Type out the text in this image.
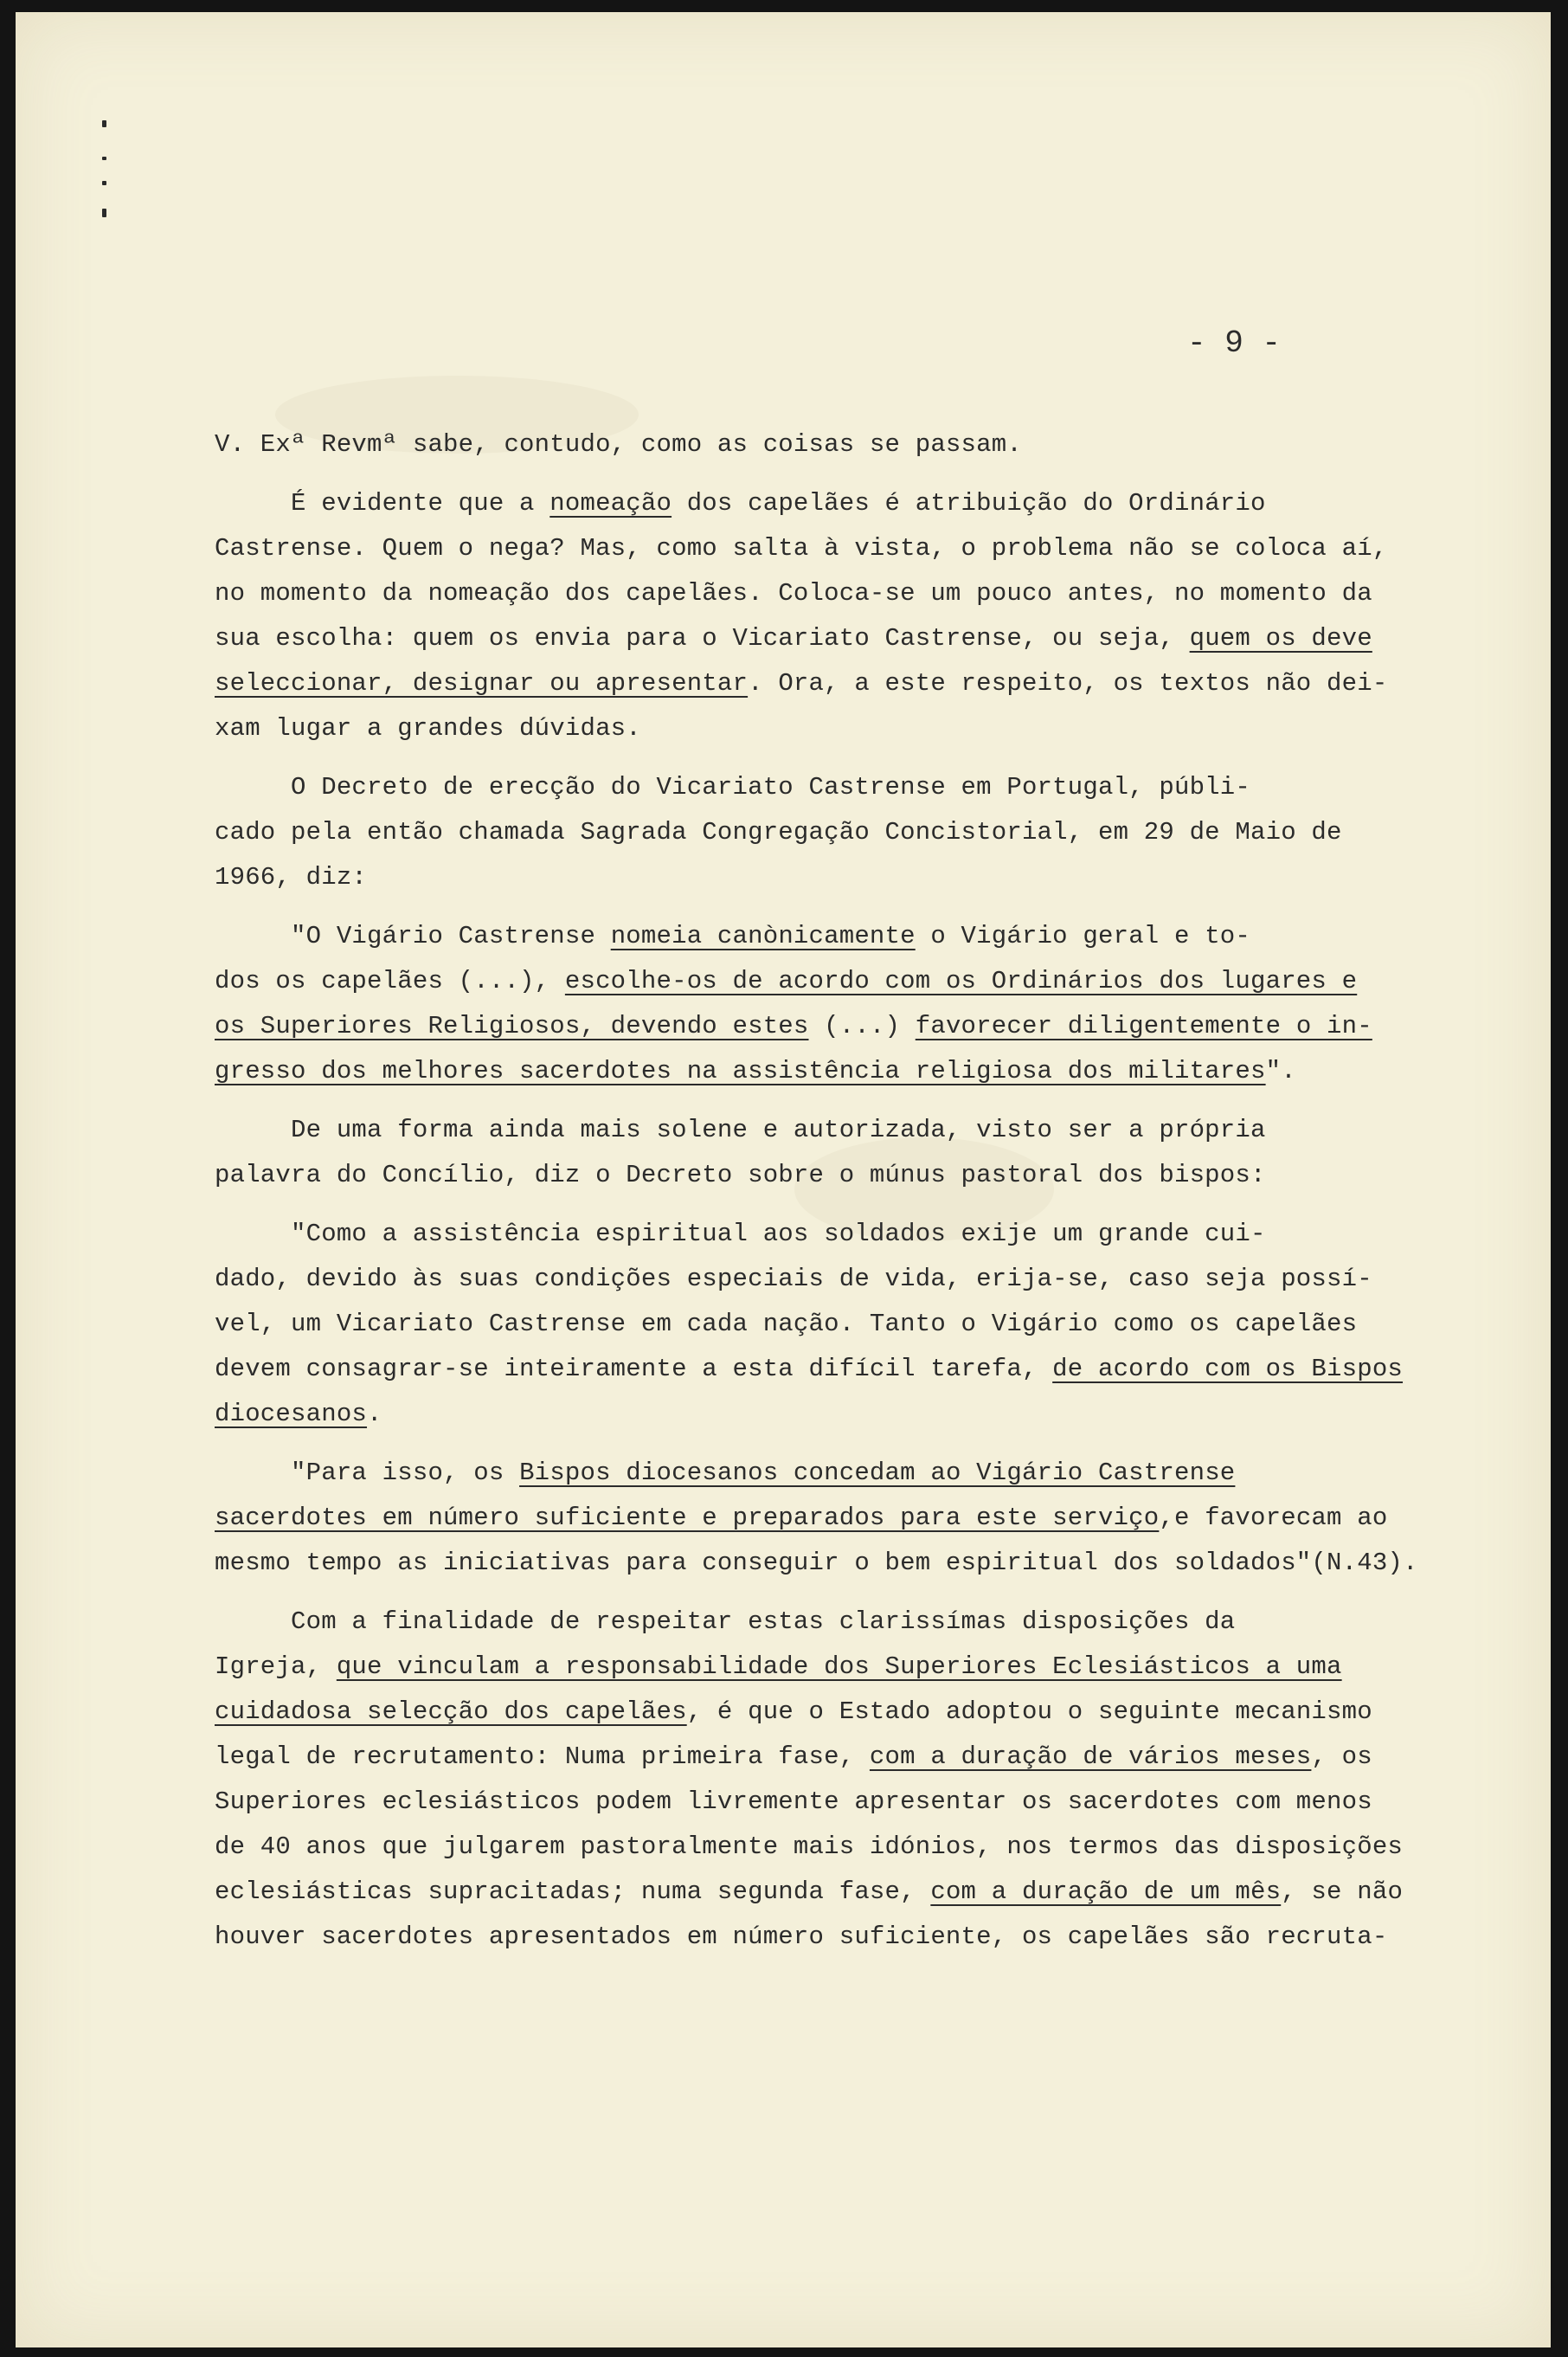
- 9 -
V. Exª Revmª sabe, contudo, como as coisas se passam.
É evidente que a nomeação dos capelães é atribuição do Ordinário
Castrense. Quem o nega? Mas, como salta à vista, o problema não se coloca aí,
no momento da nomeação dos capelães. Coloca-se um pouco antes, no momento da
sua escolha: quem os envia para o Vicariato Castrense, ou seja, quem os deve
seleccionar, designar ou apresentar. Ora, a este respeito, os textos não dei-
xam lugar a grandes dúvidas.
O Decreto de erecção do Vicariato Castrense em Portugal, públi-
cado pela então chamada Sagrada Congregação Concistorial, em 29 de Maio de
1966, diz:
"O Vigário Castrense nomeia canònicamente o Vigário geral e to-
dos os capelães (...), escolhe-os de acordo com os Ordinários dos lugares e
os Superiores Religiosos, devendo estes (...) favorecer diligentemente o in-
gresso dos melhores sacerdotes na assistência religiosa dos militares".
De uma forma ainda mais solene e autorizada, visto ser a própria
palavra do Concílio, diz o Decreto sobre o múnus pastoral dos bispos:
"Como a assistência espiritual aos soldados exije um grande cui-
dado, devido às suas condições especiais de vida, erija-se, caso seja possí-
vel, um Vicariato Castrense em cada nação. Tanto o Vigário como os capelães
devem consagrar-se inteiramente a esta difícil tarefa, de acordo com os Bispos
diocesanos.
"Para isso, os Bispos diocesanos concedam ao Vigário Castrense
sacerdotes em número suficiente e preparados para este serviço,e favorecam ao
mesmo tempo as iniciativas para conseguir o bem espiritual dos soldados"(N.43).
Com a finalidade de respeitar estas clarissímas disposições da
Igreja, que vinculam a responsabilidade dos Superiores Eclesiásticos a uma
cuidadosa selecção dos capelães, é que o Estado adoptou o seguinte mecanismo
legal de recrutamento: Numa primeira fase, com a duração de vários meses, os
Superiores eclesiásticos podem livremente apresentar os sacerdotes com menos
de 40 anos que julgarem pastoralmente mais idónios, nos termos das disposições
eclesiásticas supracitadas; numa segunda fase, com a duração de um mês, se não
houver sacerdotes apresentados em número suficiente, os capelães são recruta-
